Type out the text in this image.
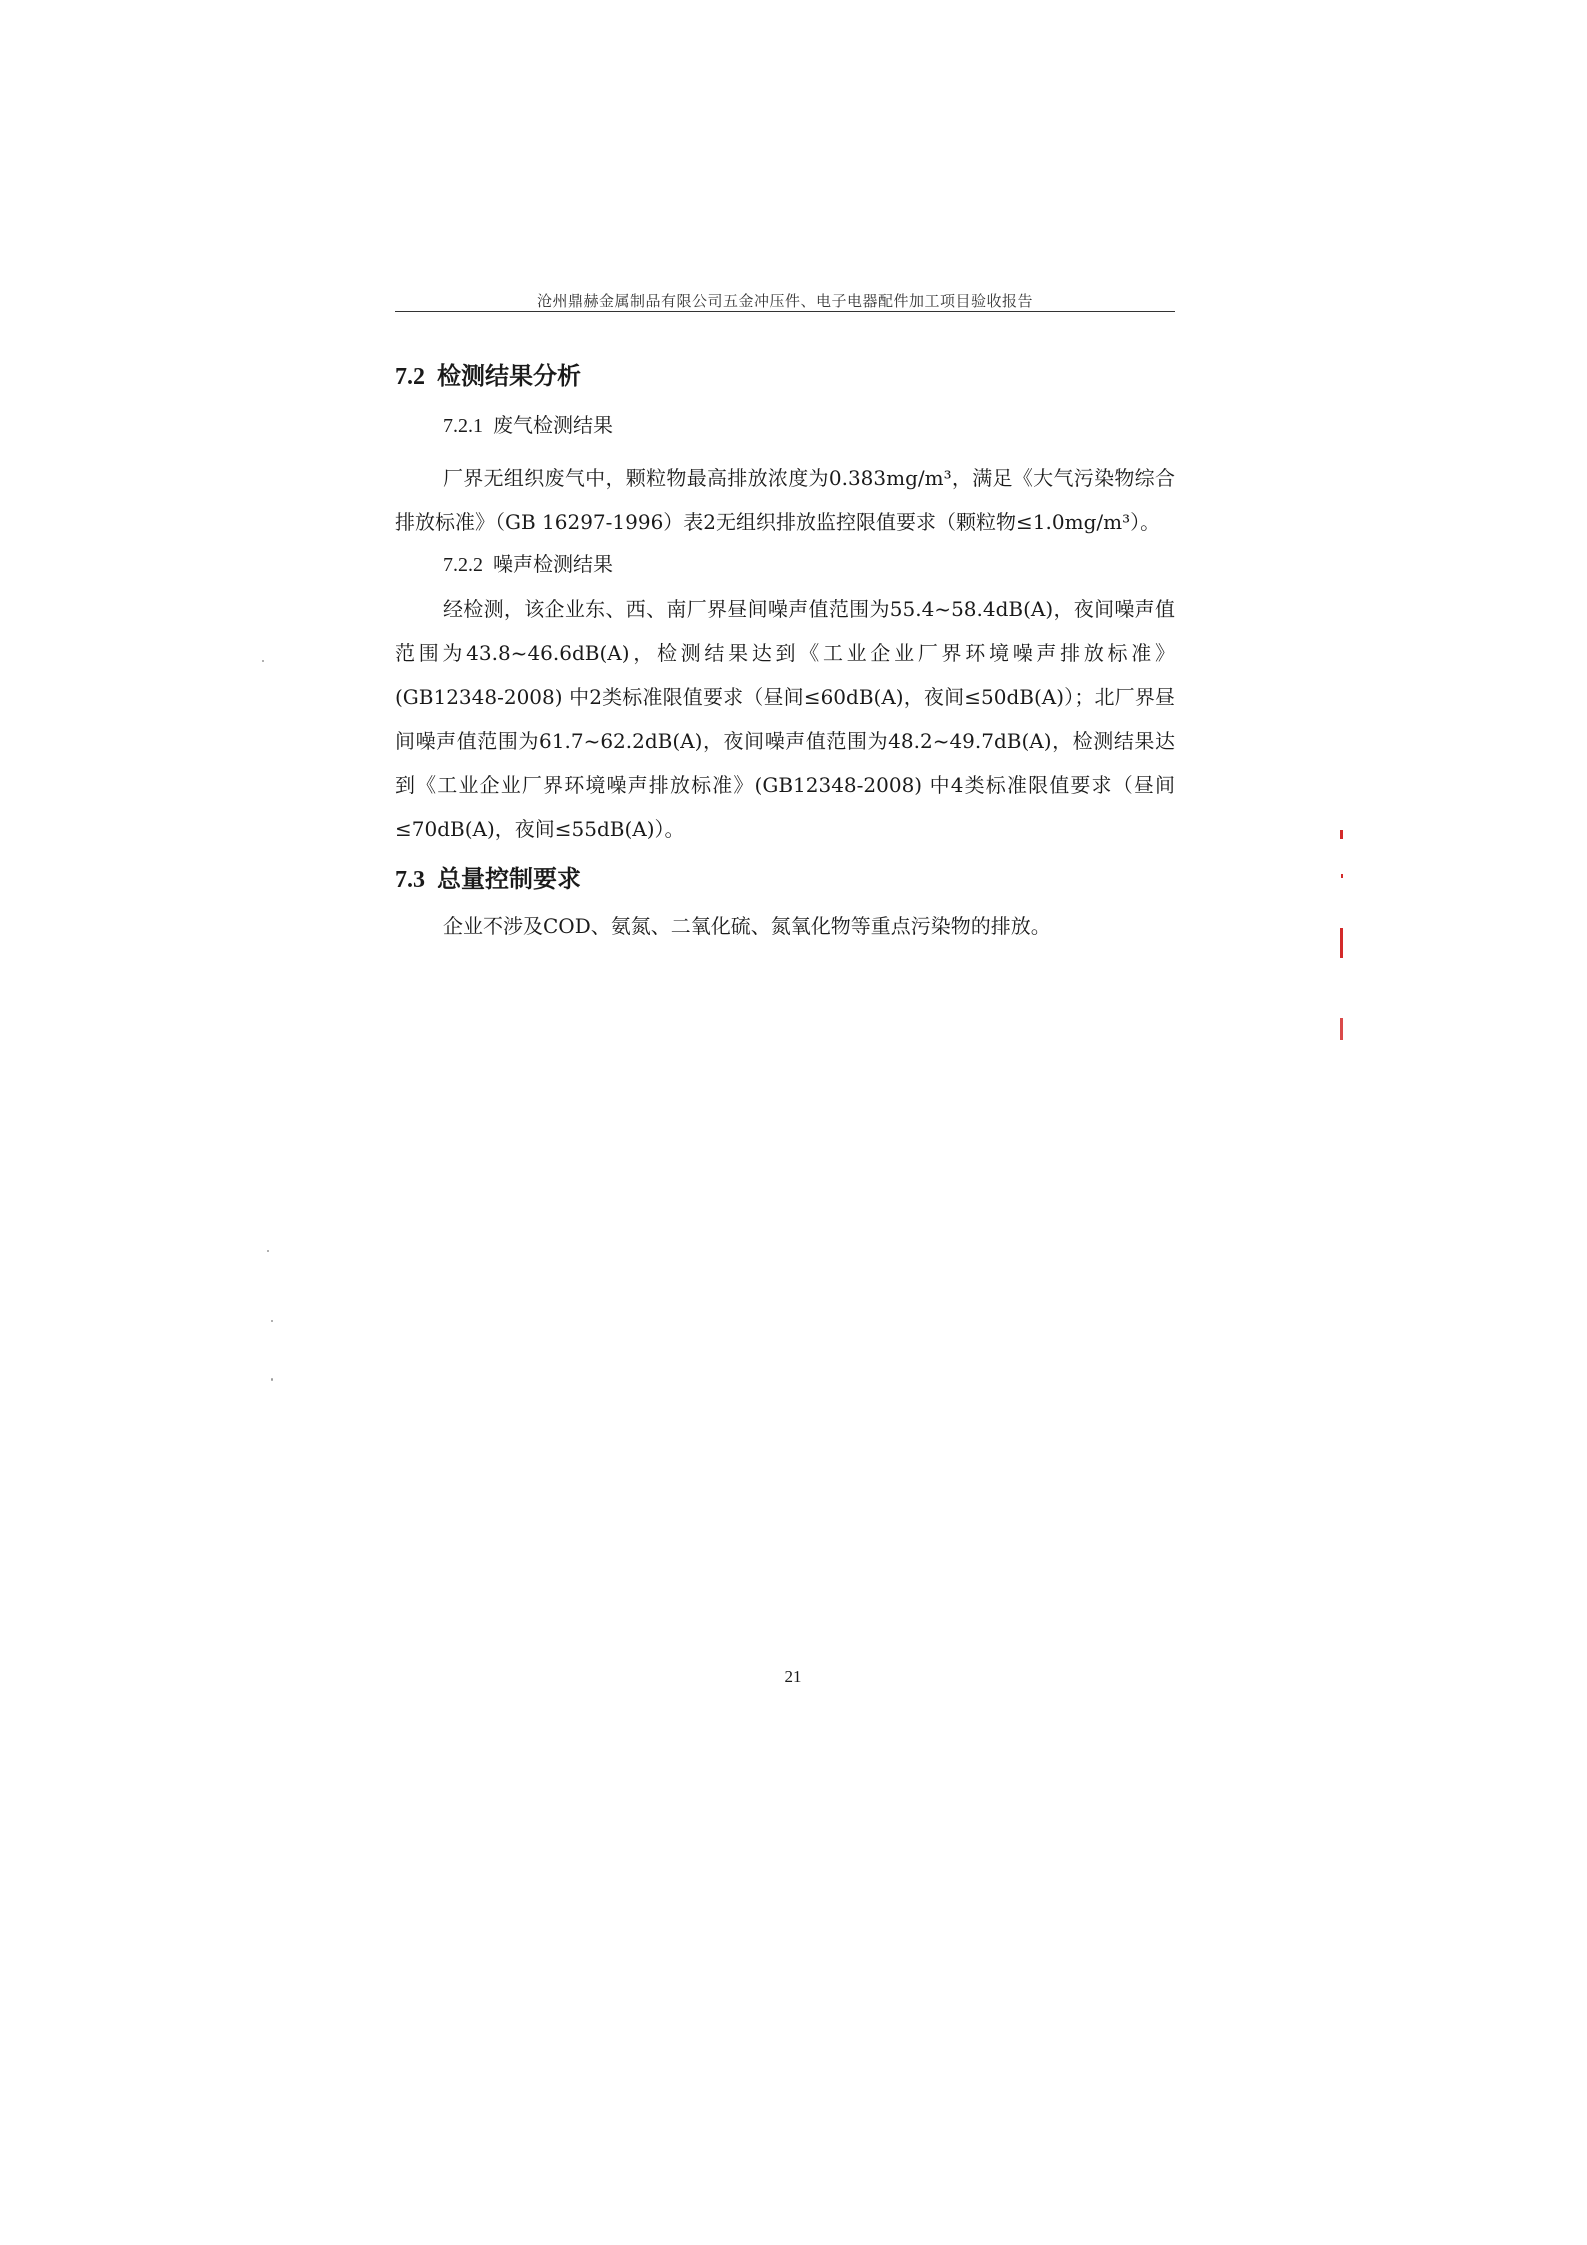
沧州鼎赫金属制品有限公司五金冲压件、电子电器配件加工项目验收报告
7.2 检测结果分析
7.2.1 废气检测结果

厂界无组织废气中，颗粒物最高排放浓度为0.383mg/m³，满足《大气污染物综合排放标准》（GB 16297-1996）表2无组织排放监控限值要求（颗粒物≤1.0mg/m³）。

7.2.2 噪声检测结果

经检测，该企业东、西、南厂界昼间噪声值范围为55.4~58.4dB(A)，夜间噪声值范围为43.8~46.6dB(A)，检测结果达到《工业企业厂界环境噪声排放标准》(GB12348-2008) 中2类标准限值要求（昼间≤60dB(A)，夜间≤50dB(A)）；北厂界昼间噪声值范围为61.7~62.2dB(A)，夜间噪声值范围为48.2~49.7dB(A)，检测结果达到《工业企业厂界环境噪声排放标准》(GB12348-2008) 中4类标准限值要求（昼间≤70dB(A)，夜间≤55dB(A)）。

7.3 总量控制要求

企业不涉及COD、氨氮、二氧化硫、氮氧化物等重点污染物的排放。

21
